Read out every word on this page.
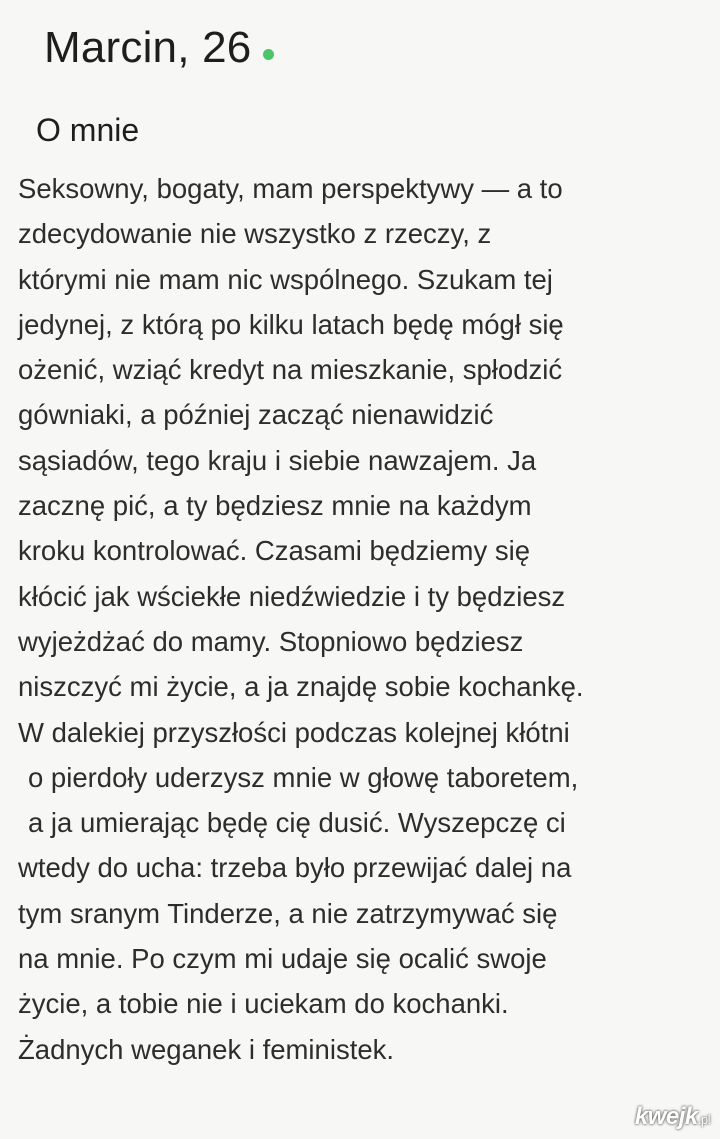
Marcin, 26
O mnie
Seksowny, bogaty, mam perspektywy — a to
zdecydowanie nie wszystko z rzeczy, z
którymi nie mam nic wspólnego. Szukam tej
jedynej, z którą po kilku latach będę mógł się
ożenić, wziąć kredyt na mieszkanie, spłodzić
gówniaki, a później zacząć nienawidzić
sąsiadów, tego kraju i siebie nawzajem. Ja
zacznę pić, a ty będziesz mnie na każdym
kroku kontrolować. Czasami będziemy się
kłócić jak wściekłe niedźwiedzie i ty będziesz
wyjeżdżać do mamy. Stopniowo będziesz
niszczyć mi życie, a ja znajdę sobie kochankę.
W dalekiej przyszłości podczas kolejnej kłótni
o pierdoły uderzysz mnie w głowę taboretem,
a ja umierając będę cię dusić. Wyszepczę ci
wtedy do ucha: trzeba było przewijać dalej na
tym sranym Tinderze, a nie zatrzymywać się
na mnie. Po czym mi udaje się ocalić swoje
życie, a tobie nie i uciekam do kochanki.
Żadnych weganek i feministek.
kwejk.pl
